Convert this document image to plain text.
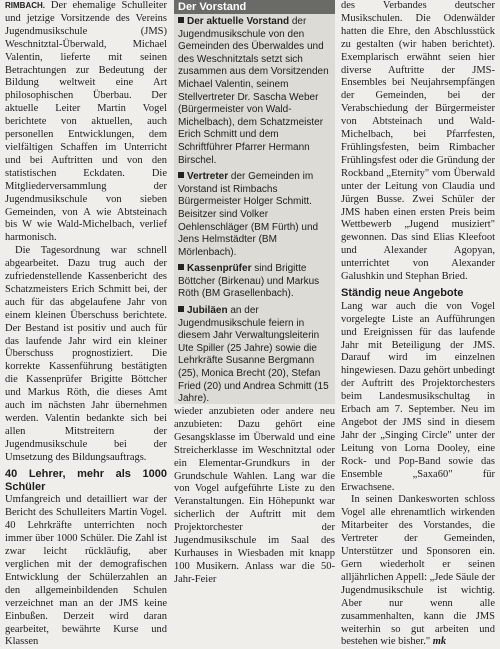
RIMBACH. Der ehemalige Schulleiter und jetzige Vorsitzende des Vereins Jugendmusikschule (JMS) Weschnitztal-Überwald, Michael Valentin, lieferte mit seinen Betrachtungen zur Bedeutung der Bildung weltweit eine Art philosophischen Überbau. Der aktuelle Leiter Martin Vogel berichtete von aktuellen, auch personellen Entwicklungen, dem vielfältigen Schaffen im Unterricht und bei Auftritten und von den statistischen Eckdaten. Die Mitgliederversammlung der Jugendmusikschule von sieben Gemeinden, von A wie Abtsteinach bis W wie Wald-Michelbach, verlief harmonisch.

Die Tagesordnung war schnell abgearbeitet. Dazu trug auch der zufriedenstellende Kassenbericht des Schatzmeisters Erich Schmitt bei, der auch für das abgelaufene Jahr von einem kleinen Überschuss berichtete. Der Bestand ist positiv und auch für das laufende Jahr wird ein kleiner Überschuss prognostiziert. Die korrekte Kassenführung bestätigten die Kassenprüfer Brigitte Böttcher und Markus Röth, die dieses Amt auch im nächsten Jahr übernehmen werden. Valentin bedankte sich bei allen Mitstreitern der Jugendmusikschule bei der Umsetzung des Bildungsauftrags.

40 Lehrer, mehr als 1000 Schüler

Umfangreich und detailliert war der Bericht des Schulleiters Martin Vogel. 40 Lehrkräfte unterrichten noch immer über 1000 Schüler. Die Zahl ist zwar leicht rückläufig, aber verglichen mit der demografischen Entwicklung der Schülerzahlen an den allgemeinbildenden Schulen verzeichnet man an der JMS keine Einbußen. Derzeit wird daran gearbeitet, bewährte Kurse und Klassen

Der Vorstand
Der aktuelle Vorstand der Jugendmusikschule von den Gemeinden des Überwaldes und des Weschnitztals setzt sich zusammen aus dem Vorsitzenden Michael Valentin, seinem Stellvertreter Dr. Sascha Weber (Bürgermeister von Wald-Michelbach), dem Schatzmeister Erich Schmitt und dem Schriftführer Pfarrer Hermann Birschel.
Vertreter der Gemeinden im Vorstand ist Rimbachs Bürgermeister Holger Schmitt. Beisitzer sind Volker Oehlenschläger (BM Fürth) und Jens Helmstädter (BM Mörlenbach).
Kassenprüfer sind Brigitte Böttcher (Birkenau) und Markus Röth (BM Grasellenbach).
Jubiläen an der Jugendmusikschule feiern in diesem Jahr Verwaltungsleiterin Ute Spiller (25 Jahre) sowie die Lehrkräfte Susanne Bergmann (25), Monica Brecht (20), Stefan Fried (20) und Andrea Schmitt (15 Jahre).

wieder anzubieten oder andere neu anzubieten: Dazu gehört eine Gesangsklasse im Überwald und eine Streicherklasse im Weschnitztal oder ein Elementar-Grundkurs in der Grundschule Wahlen. Lang war die von Vogel aufgeführte Liste zu den Veranstaltungen. Ein Höhepunkt war sicherlich der Auftritt mit dem Projektorchester der Jugendmusikschule im Saal des Kurhauses in Wiesbaden mit knapp 100 Musikern. Anlass war die 50-Jahr-Feier

des Verbandes deutscher Musikschulen. Die Odenwälder hatten die Ehre, den Abschlusstück zu gestalten (wir haben berichtet). Exemplarisch erwähnt seien hier diverse Auftritte der JMS-Ensembles bei Neujahrsempfängen der Gemeinden, bei der Verabschiedung der Bürgermeister von Abtsteinach und Wald-Michelbach, bei Pfarrfesten, Frühlingsfesten, beim Rimbacher Frühlingsfest oder die Gründung der Rockband „Eternity" vom Überwald unter der Leitung von Claudia und Jürgen Busse. Zwei Schüler der JMS haben einen ersten Preis beim Wettbewerb „Jugend musiziert" gewonnen. Das sind Elias Kleefoot und Alexander Agopyan, unterrichtet von Alexander Galushkin und Stephan Bried.

Ständig neue Angebote

Lang war auch die von Vogel vorgelegte Liste an Aufführungen und Ereignissen für das laufende Jahr mit Beteiligung der JMS. Darauf wird im einzelnen hingewiesen. Dazu gehört unbedingt der Auftritt des Projektorchesters beim Landesmusikschultag in Erbach am 7. September. Neu im Angebot der JMS sind in diesem Jahr der „Singing Circle" unter der Leitung von Lorna Dooley, eine Rock- und Pop-Band sowie das Ensemble „Saxa60" für Erwachsene.

In seinen Dankesworten schloss Vogel alle ehrenamtlich wirkenden Mitarbeiter des Vorstandes, die Vertreter der Gemeinden, Unterstützer und Sponsoren ein. Gern wiederholt er seinen alljährlichen Appell: „Jede Säule der Jugendmusikschule ist wichtig. Aber nur wenn alle zusammenhalten, kann die JMS weiterhin so gut arbeiten und bestehen wie bisher." mk
